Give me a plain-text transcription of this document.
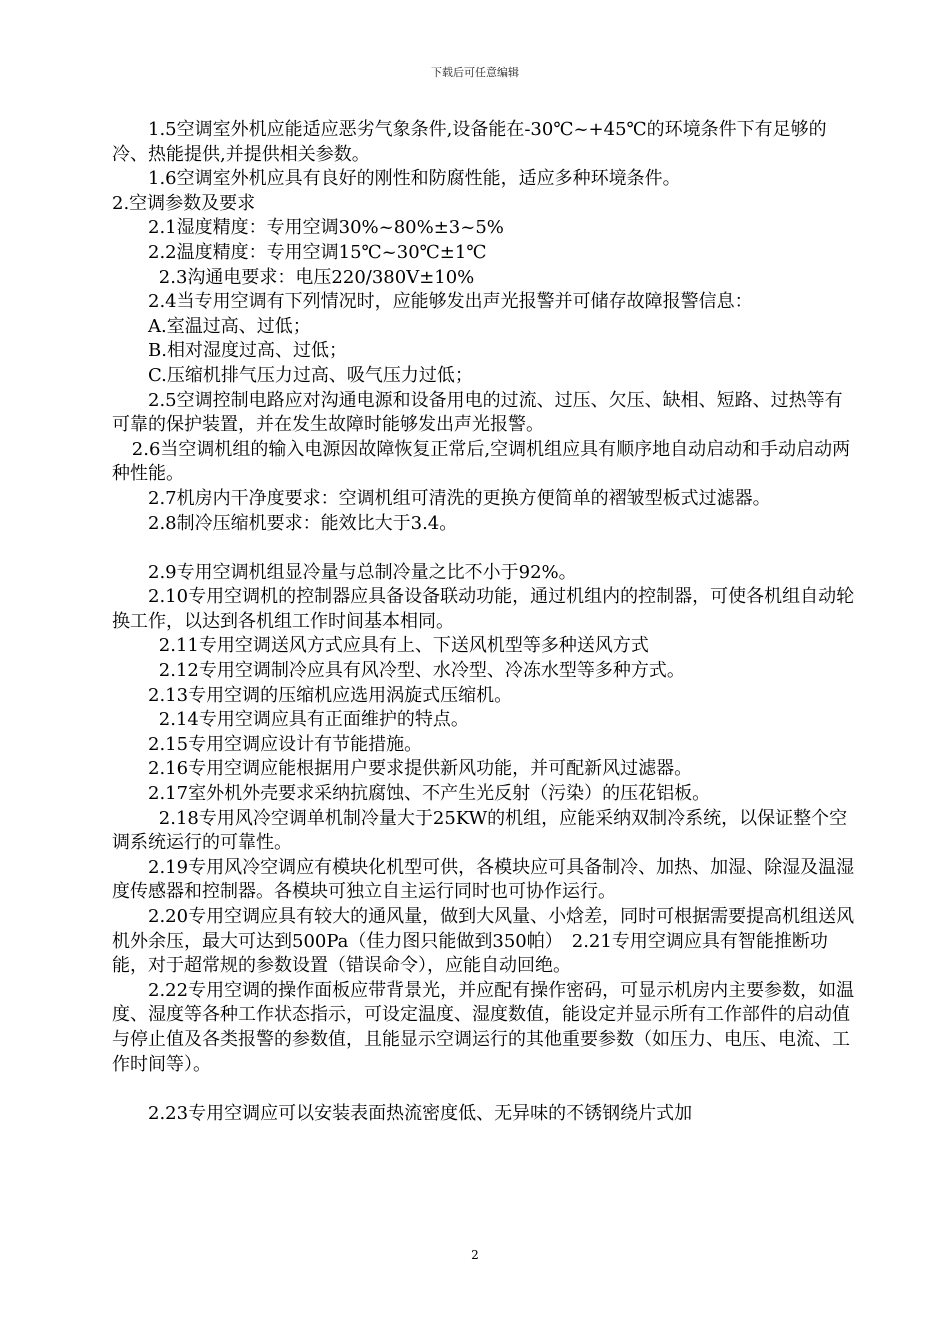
下载后可任意编辑

1.5空调室外机应能适应恶劣气象条件,设备能在-30℃~+45℃的环境条件下有足够的冷、热能提供,并提供相关参数。

1.6空调室外机应具有良好的刚性和防腐性能，适应多种环境条件。

2.空调参数及要求

2.1湿度精度：专用空调30%~80%±3~5%

2.2温度精度：专用空调15℃~30℃±1℃

2.3沟通电要求：电压220/380V±10%

2.4当专用空调有下列情况时，应能够发出声光报警并可储存故障报警信息：

A.室温过高、过低；

B.相对湿度过高、过低；

C.压缩机排气压力过高、吸气压力过低；

2.5空调控制电路应对沟通电源和设备用电的过流、过压、欠压、缺相、短路、过热等有可靠的保护装置，并在发生故障时能够发出声光报警。

2.6当空调机组的输入电源因故障恢复正常后,空调机组应具有顺序地自动启动和手动启动两种性能。

2.7机房内干净度要求：空调机组可清洗的更换方便简单的褶皱型板式过滤器。

2.8制冷压缩机要求：能效比大于3.4。

2.9专用空调机组显冷量与总制冷量之比不小于92%。

2.10专用空调机的控制器应具备设备联动功能，通过机组内的控制器，可使各机组自动轮换工作，以达到各机组工作时间基本相同。

2.11专用空调送风方式应具有上、下送风机型等多种送风方式

2.12专用空调制冷应具有风冷型、水冷型、冷冻水型等多种方式。

2.13专用空调的压缩机应选用涡旋式压缩机。

2.14专用空调应具有正面维护的特点。

2.15专用空调应设计有节能措施。

2.16专用空调应能根据用户要求提供新风功能，并可配新风过滤器。

2.17室外机外壳要求采纳抗腐蚀、不产生光反射（污染）的压花铝板。

2.18专用风冷空调单机制冷量大于25KW的机组，应能采纳双制冷系统，以保证整个空调系统运行的可靠性。

2.19专用风冷空调应有模块化机型可供，各模块应可具备制冷、加热、加湿、除湿及温湿度传感器和控制器。各模块可独立自主运行同时也可协作运行。

2.20专用空调应具有较大的通风量，做到大风量、小焓差，同时可根据需要提高机组送风机外余压，最大可达到500Pa（佳力图只能做到350帕）　2.21专用空调应具有智能推断功能，对于超常规的参数设置（错误命令），应能自动回绝。

2.22专用空调的操作面板应带背景光，并应配有操作密码，可显示机房内主要参数，如温度、湿度等各种工作状态指示，可设定温度、湿度数值，能设定并显示所有工作部件的启动值与停止值及各类报警的参数值，且能显示空调运行的其他重要参数（如压力、电压、电流、工作时间等）。

2.23专用空调应可以安装表面热流密度低、无异味的不锈钢绕片式加

2
